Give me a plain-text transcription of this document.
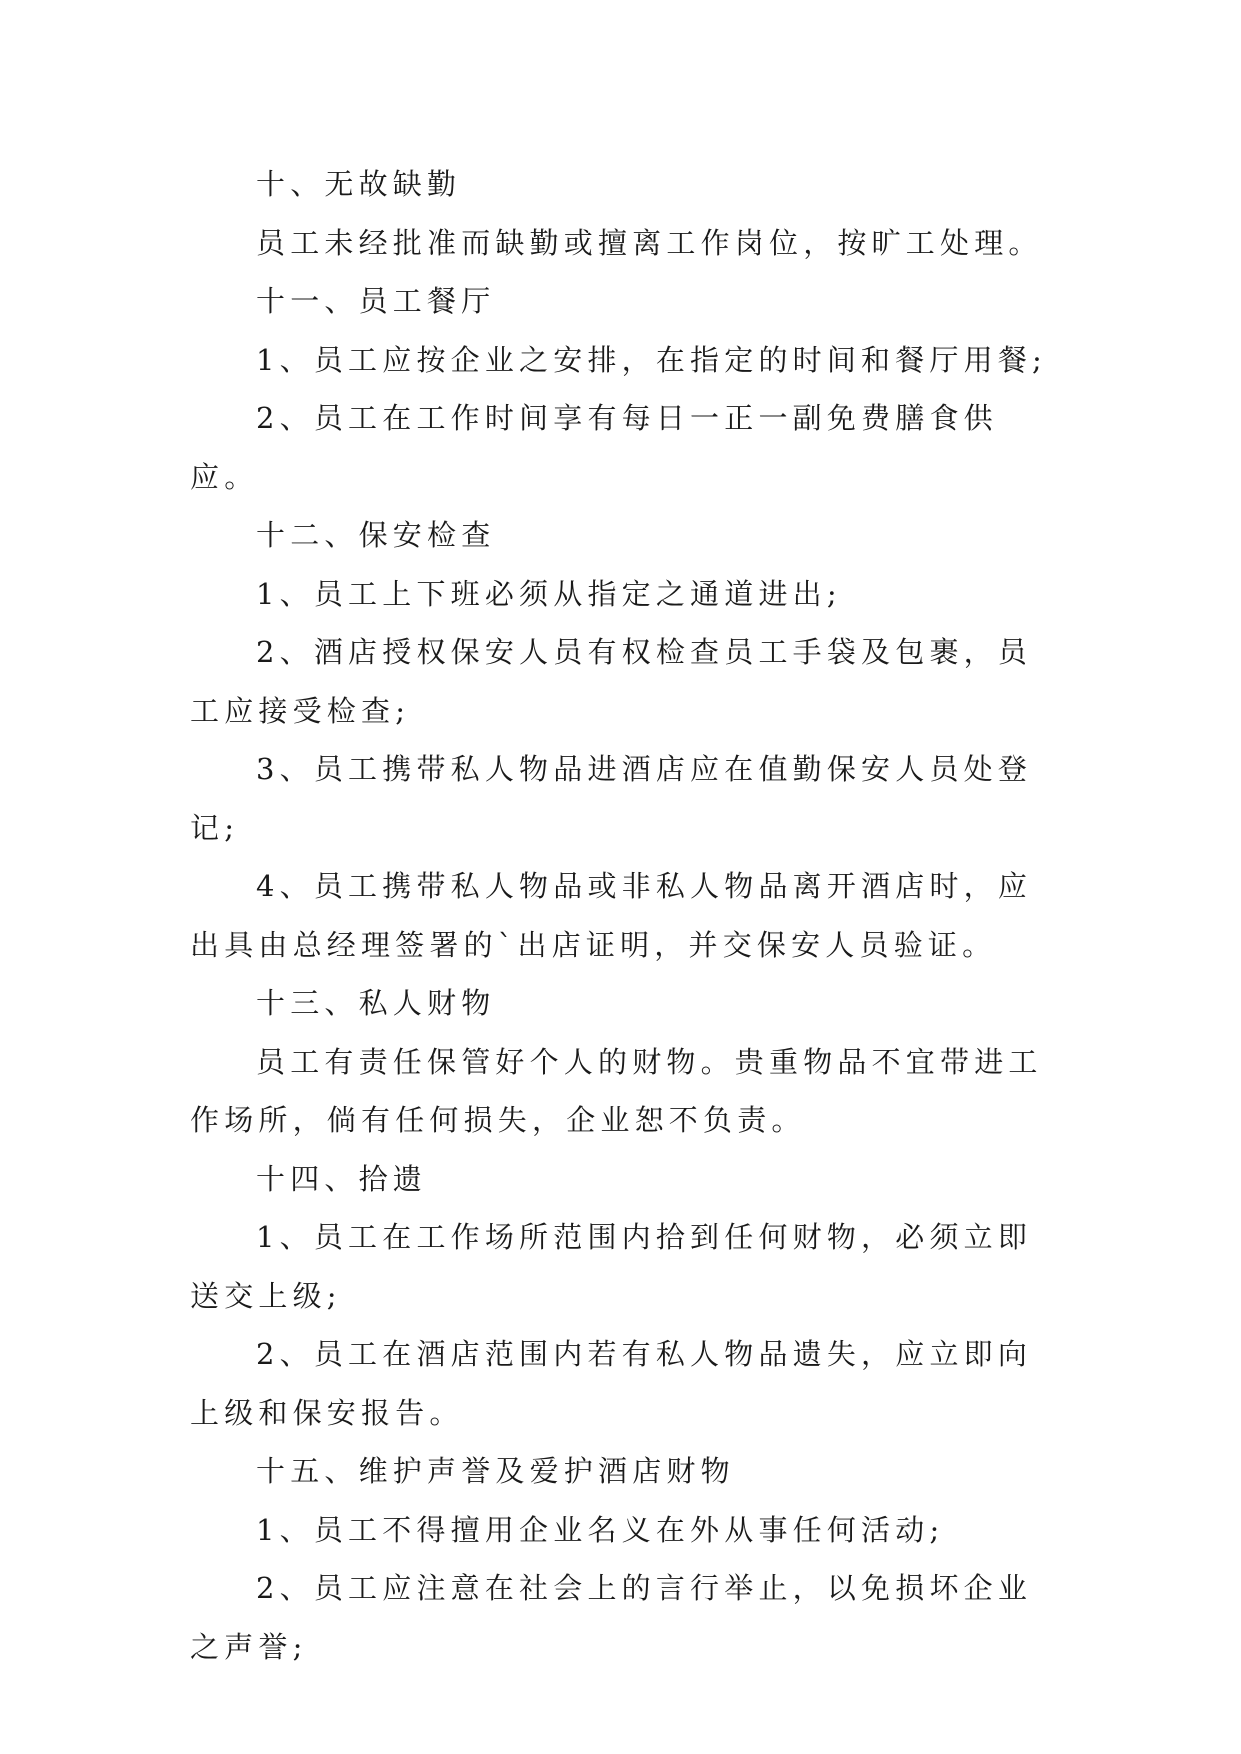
十、无故缺勤

员工未经批准而缺勤或擅离工作岗位，按旷工处理。

十一、员工餐厅

1、员工应按企业之安排，在指定的时间和餐厅用餐;

2、员工在工作时间享有每日一正一副免费膳食供应。

十二、保安检查

1、员工上下班必须从指定之通道进出;

2、酒店授权保安人员有权检查员工手袋及包裹，员工应接受检查;

3、员工携带私人物品进酒店应在值勤保安人员处登记;

4、员工携带私人物品或非私人物品离开酒店时，应出具由总经理签署的`出店证明，并交保安人员验证。

十三、私人财物

员工有责任保管好个人的财物。贵重物品不宜带进工作场所，倘有任何损失，企业恕不负责。

十四、拾遗

1、员工在工作场所范围内拾到任何财物，必须立即送交上级;

2、员工在酒店范围内若有私人物品遗失，应立即向上级和保安报告。

十五、维护声誉及爱护酒店财物

1、员工不得擅用企业名义在外从事任何活动;

2、员工应注意在社会上的言行举止，以免损坏企业之声誉;
